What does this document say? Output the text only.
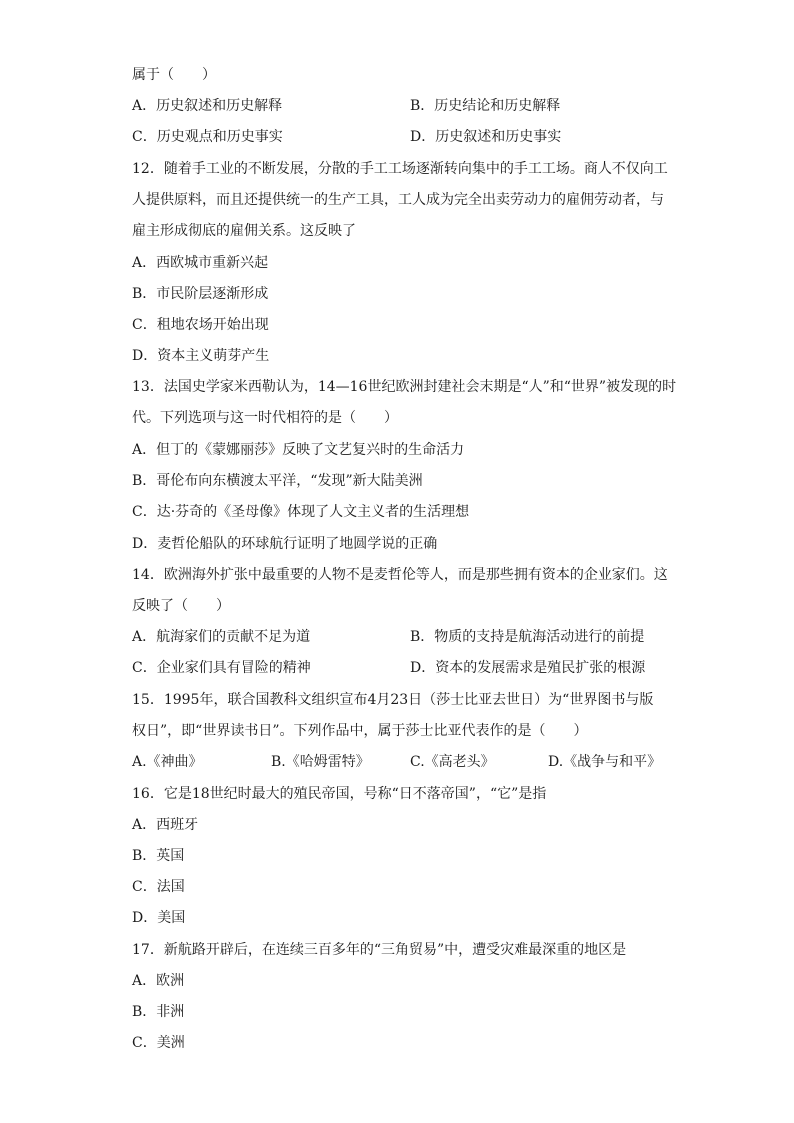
属于（　　）
A．历史叙述和历史解释	B．历史结论和历史解释
C．历史观点和历史事实	D．历史叙述和历史事实
12．随着手工业的不断发展，分散的手工工场逐渐转向集中的手工工场。商人不仅向工
人提供原料，而且还提供统一的生产工具，工人成为完全出卖劳动力的雇佣劳动者，与
雇主形成彻底的雇佣关系。这反映了
A．西欧城市重新兴起
B．市民阶层逐渐形成
C．租地农场开始出现
D．资本主义萌芽产生
13．法国史学家米西勒认为，14—16世纪欧洲封建社会末期是“人”和“世界”被发现的时
代。下列选项与这一时代相符的是（　　）
A．但丁的《蒙娜丽莎》反映了文艺复兴时的生命活力
B．哥伦布向东横渡太平洋，“发现”新大陆美洲
C．达·芬奇的《圣母像》体现了人文主义者的生活理想
D．麦哲伦船队的环球航行证明了地圆学说的正确
14．欧洲海外扩张中最重要的人物不是麦哲伦等人，而是那些拥有资本的企业家们。这
反映了（　　）
A．航海家们的贡献不足为道	B．物质的支持是航海活动进行的前提
C．企业家们具有冒险的精神	D．资本的发展需求是殖民扩张的根源
15．1995年，联合国教科文组织宣布4月23日（莎士比亚去世日）为“世界图书与版
权日”，即“世界读书日”。下列作品中，属于莎士比亚代表作的是（　　）
A.《神曲》	B.《哈姆雷特》	C.《高老头》	D.《战争与和平》
16．它是18世纪时最大的殖民帝国，号称“日不落帝国”，“它”是指
A．西班牙
B．英国
C．法国
D．美国
17．新航路开辟后，在连续三百多年的“三角贸易”中，遭受灾难最深重的地区是
A．欧洲
B．非洲
C．美洲
